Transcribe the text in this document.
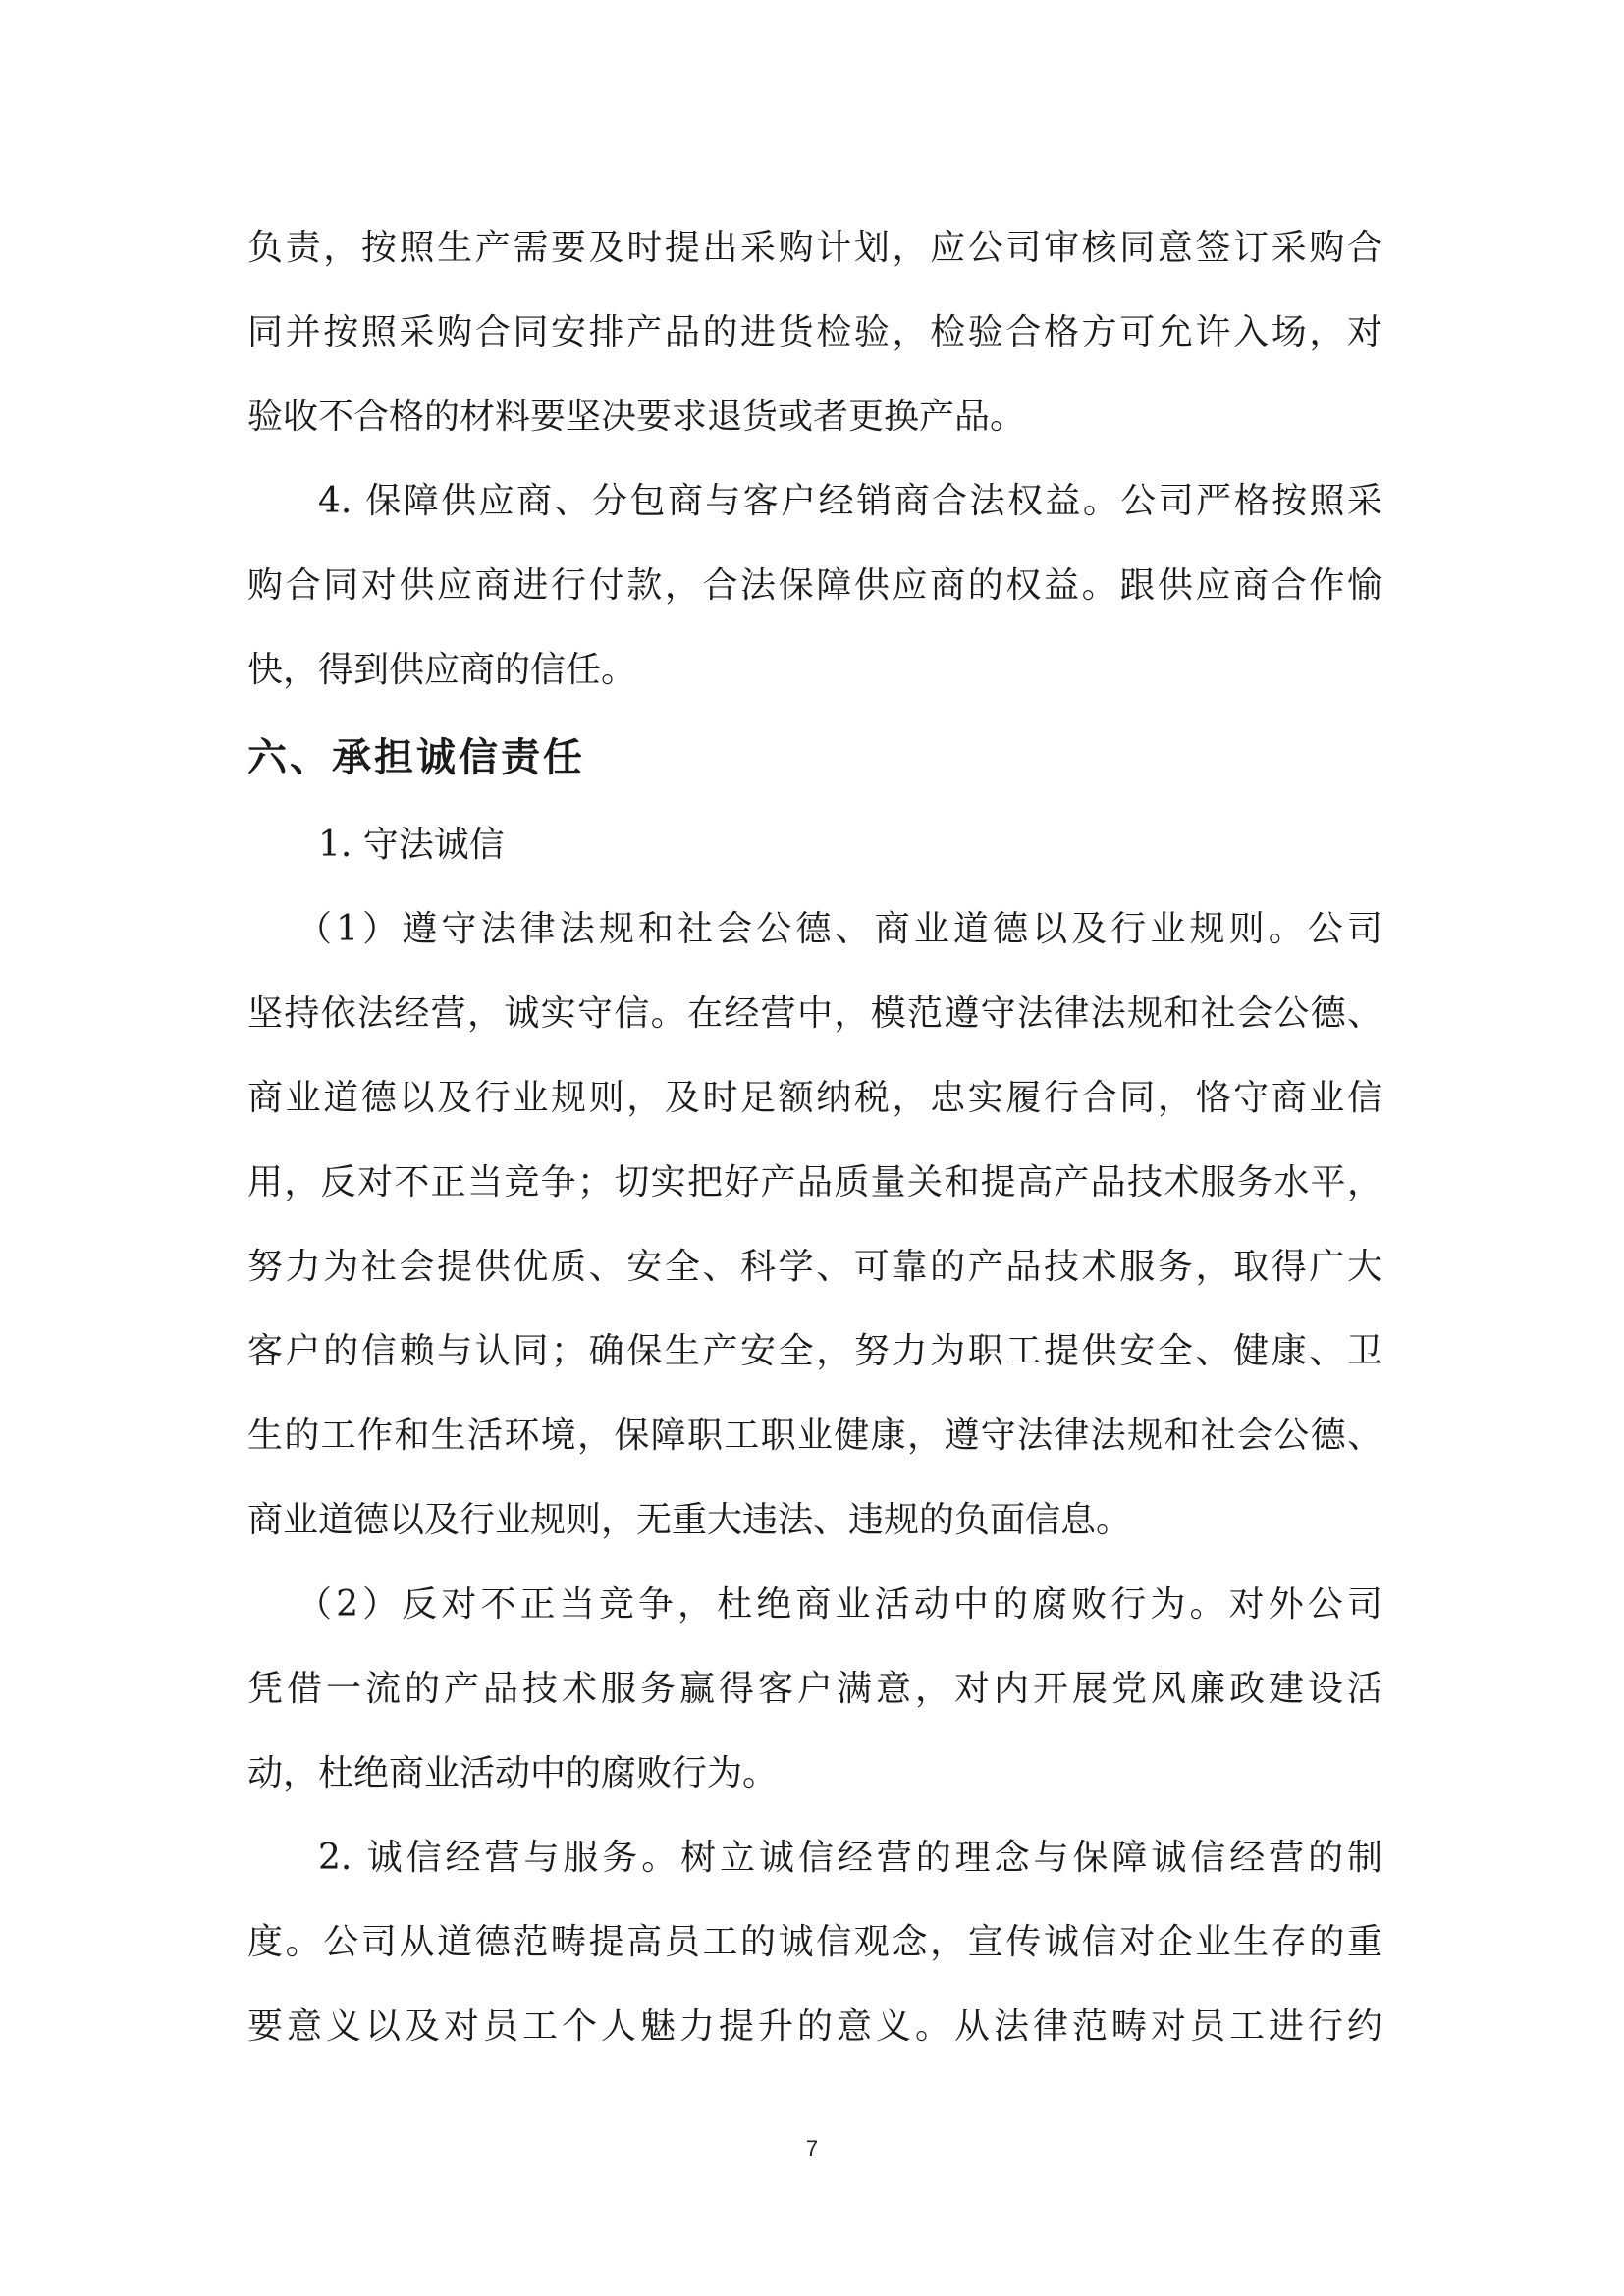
负责，按照生产需要及时提出采购计划，应公司审核同意签订采购合
同并按照采购合同安排产品的进货检验，检验合格方可允许入场，对
验收不合格的材料要坚决要求退货或者更换产品。
4. 保障供应商、分包商与客户经销商合法权益。公司严格按照采
购合同对供应商进行付款，合法保障供应商的权益。跟供应商合作愉
快，得到供应商的信任。
六、承担诚信责任
1. 守法诚信
（1）遵守法律法规和社会公德、商业道德以及行业规则。公司
坚持依法经营，诚实守信。在经营中，模范遵守法律法规和社会公德、
商业道德以及行业规则，及时足额纳税，忠实履行合同，恪守商业信
用，反对不正当竞争；切实把好产品质量关和提高产品技术服务水平，
努力为社会提供优质、安全、科学、可靠的产品技术服务，取得广大
客户的信赖与认同；确保生产安全，努力为职工提供安全、健康、卫
生的工作和生活环境，保障职工职业健康，遵守法律法规和社会公德、
商业道德以及行业规则，无重大违法、违规的负面信息。
（2）反对不正当竞争，杜绝商业活动中的腐败行为。对外公司
凭借一流的产品技术服务赢得客户满意，对内开展党风廉政建设活
动，杜绝商业活动中的腐败行为。
2. 诚信经营与服务。树立诚信经营的理念与保障诚信经营的制
度。公司从道德范畴提高员工的诚信观念，宣传诚信对企业生存的重
要意义以及对员工个人魅力提升的意义。从法律范畴对员工进行约
7
